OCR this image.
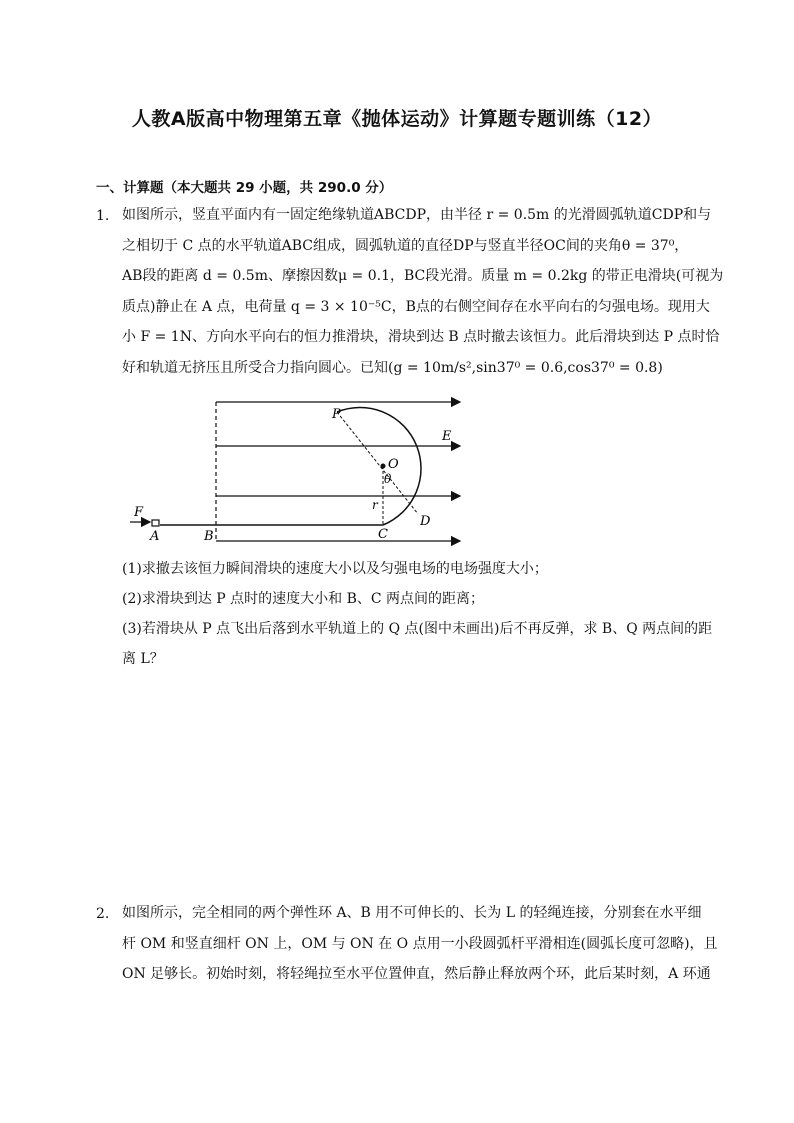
人教A版高中物理第五章《抛体运动》计算题专题训练（12）
一、计算题（本大题共 29 小题，共 290.0 分）
1. 如图所示，竖直平面内有一固定绝缘轨道ABCDP，由半径 r = 0.5m 的光滑圆弧轨道CDP和与
之相切于 C 点的水平轨道ABC组成，圆弧轨道的直径DP与竖直半径OC间的夹角θ = 37⁰，
AB段的距离 d = 0.5m、摩擦因数μ = 0.1，BC段光滑。质量 m = 0.2kg 的带正电滑块(可视为
质点)静止在 A 点，电荷量 q = 3 × 10⁻⁵C，B点的右侧空间存在水平向右的匀强电场。现用大
小 F = 1N、方向水平向右的恒力推滑块，滑块到达 B 点时撤去该恒力。此后滑块到达 P 点时恰
好和轨道无挤压且所受合力指向圆心。已知(g = 10m/s²,sin37⁰ = 0.6,cos37⁰ = 0.8)
F
A	B	C
D
P
O
E
r
θ
(1)求撤去该恒力瞬间滑块的速度大小以及匀强电场的电场强度大小；
(2)求滑块到达 P 点时的速度大小和 B、C 两点间的距离；
(3)若滑块从 P 点飞出后落到水平轨道上的 Q 点(图中未画出)后不再反弹，求 B、Q 两点间的距
离 L？
2. 如图所示，完全相同的两个弹性环 A、B 用不可伸长的、长为 L 的轻绳连接，分别套在水平细
杆 OM 和竖直细杆 ON 上，OM 与 ON 在 O 点用一小段圆弧杆平滑相连(圆弧长度可忽略)，且
ON 足够长。初始时刻，将轻绳拉至水平位置伸直，然后静止释放两个环，此后某时刻，A 环通
